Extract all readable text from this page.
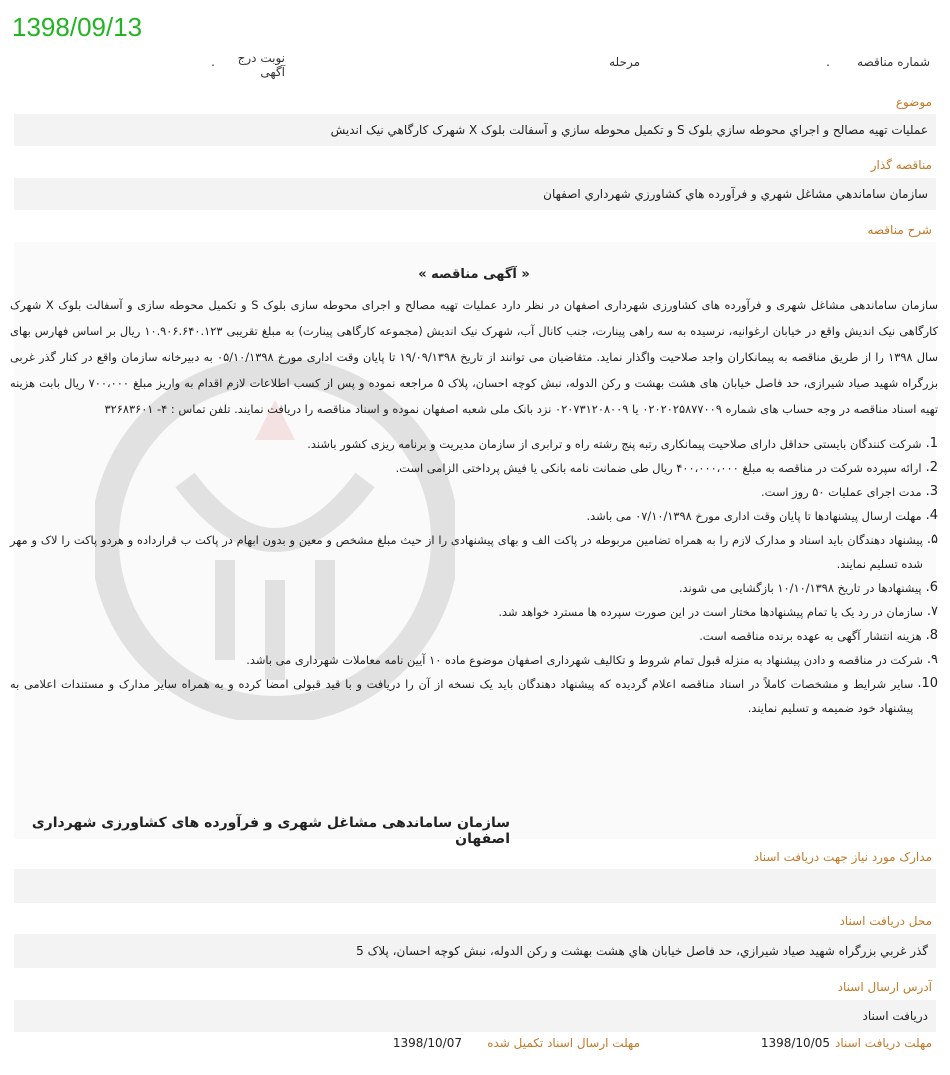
1398/09/13
شماره مناقصه
.
مرحله
نوبت درج
آگهی
.
موضوع
عمليات تهيه مصالح و اجراي محوطه سازي بلوک S و تکميل محوطه سازي و آسفالت بلوک X شهرک کارگاهي نيک انديش
مناقصه گذار
سازمان ساماندهي مشاغل شهري و فرآورده هاي کشاورزي شهرداري اصفهان
شرح مناقصه
« آگهی مناقصه »

سازمان ساماندهی مشاغل شهری و فرآورده های کشاورزی شهرداری اصفهان در نظر دارد عملیات تهیه مصالح و اجرای محوطه سازی بلوک S و تکمیل محوطه سازی و آسفالت بلوک X شهرک کارگاهی نیک اندیش واقع در خیابان ارغوانیه، نرسیده به سه راهی پینارت، جنب کانال آب، شهرک نیک اندیش (مجموعه کارگاهی پینارت) به مبلغ تقریبی ۱۰.۹۰۶.۶۴۰.۱۲۳ ریال بر اساس فهارس بهای سال ۱۳۹۸ را از طریق مناقصه به پیمانکاران واجد صلاحیت واگذار نماید. متقاضیان می توانند از تاریخ ۱۹/۰۹/۱۳۹۸ تا پایان وقت اداری مورخ ۰۵/۱۰/۱۳۹۸ به دبیرخانه سازمان واقع در کنار گذر غربی بزرگراه شهید صیاد شیرازی، حد فاصل خیابان های هشت بهشت و رکن الدوله، نبش کوچه احسان، پلاک ۵ مراجعه نموده و پس از کسب اطلاعات لازم اقدام به واریز مبلغ ۷۰۰،۰۰۰ ریال بابت هزینه تهیه اسناد مناقصه در وجه حساب های شماره ۰۲۰۲۰۲۵۸۷۷۰۰۹ یا ۰۲۰۷۳۱۲۰۸۰۰۹ نزد بانک ملی شعبه اصفهان نموده و اسناد مناقصه را دریافت نمایند. تلفن تماس : ۴- ۳۲۶۸۳۶۰۱

1.
شرکت کنندگان بایستی حداقل دارای صلاحیت پیمانکاری رتبه پنج رشته راه و ترابری از سازمان مدیریت و برنامه ریزی کشور باشند.
2.
ارائه سپرده شرکت در مناقصه به مبلغ ۴۰۰،۰۰۰،۰۰۰ ریال طی ضمانت نامه بانکی یا فیش پرداختی الزامی است.
3.
مدت اجرای عملیات ۵۰ روز است.
4.
مهلت ارسال پیشنهادها تا پایان وقت اداری مورخ ۰۷/۱۰/۱۳۹۸ می باشد.
۵.
پیشنهاد دهندگان باید اسناد و مدارک لازم را به همراه تضامین مربوطه در پاکت الف و بهای پیشنهادی را از حیث مبلغ مشخص و معین و بدون ابهام در پاکت ب قرارداده و هردو پاکت را لاک و مهر شده تسلیم نمایند.
6.
پیشنهادها در تاریخ ۱۰/۱۰/۱۳۹۸ بازگشایی می شوند.
۷.
سازمان در رد یک یا تمام پیشنهادها مختار است در این صورت سپرده ها مسترد خواهد شد.
8.
هزینه انتشار آگهی به عهده برنده مناقصه است.
۹.
شرکت در مناقصه و دادن پیشنهاد به منزله قبول تمام شروط و تکالیف شهرداری اصفهان موضوع ماده ۱۰ آیین نامه معاملات شهرداری می باشد.
10.
سایر شرایط و مشخصات کاملاً در اسناد مناقصه اعلام گردیده که پیشنهاد دهندگان باید یک نسخه از آن را دریافت و با قید قبولی امضا کرده و به همراه سایر مدارک و مستندات اعلامی به پیشنهاد خود ضمیمه و تسلیم نمایند.
سازمان ساماندهی مشاغل شهری و فرآورده های کشاورزی شهرداری اصفهان
مدارک مورد نياز جهت دريافت اسناد
محل دريافت اسناد
گذر غربي بزرگراه شهيد صياد شيرازي، حد فاصل خيابان هاي هشت بهشت و رکن الدوله، نبش کوچه احسان، پلاک 5
آدرس ارسال اسناد
دريافت اسناد
مهلت دريافت اسناد
1398/10/05
مهلت ارسال اسناد تکميل شده
1398/10/07
